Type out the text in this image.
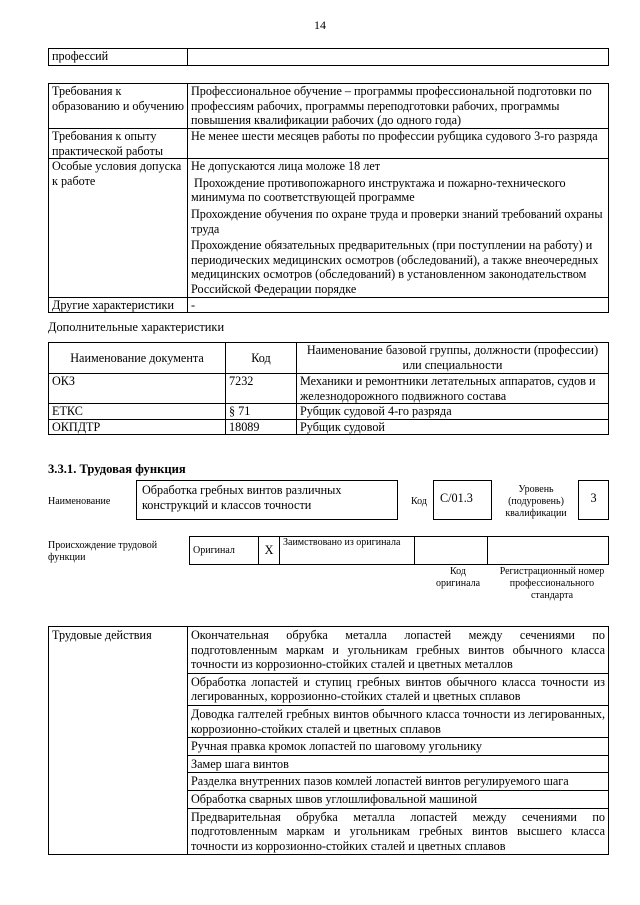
14
профессий	
Требования к образованию и обучению	Профессиональное обучение – программы профессиональной подготовки по профессиям рабочих, программы переподготовки рабочих, программы повышения квалификации рабочих (до одного года)

Требования к опыту практической работы	Не менее шести месяцев работы по профессии рубщика судового 3-го разряда

Особые условия допуска к работе	Не допускаются лица моложе 18 лет
Прохождение противопожарного инструктажа и пожарно-технического минимума по соответствующей программе
Прохождение обучения по охране труда и проверки знаний требований охраны труда
Прохождение обязательных предварительных (при поступлении на работу) и периодических медицинских осмотров (обследований), а также внеочередных медицинских осмотров (обследований) в установленном законодательством Российской Федерации порядке

Другие характеристики	-
Дополнительные характеристики
Наименование документа	Код	Наименование базовой группы, должности (профессии) или специальности
ОКЗ	7232	Механики и ремонтники летательных аппаратов, судов и железнодорожного подвижного состава
ЕТКС	§ 71	Рубщик судовой 4-го разряда
ОКПДТР	18089	Рубщик судовой
3.3.1. Трудовая функция
Наименование
Обработка гребных винтов различных конструкций и классов точности	Код	С/01.3
Уровень (подуровень) квалификации
3
Происхождение трудовой функции
Оригинал	Х	Заимствовано из оригинала		
Код оригинала
Регистрационный номер профессионального стандарта
Трудовые действия	Окончательная обрубка металла лопастей между сечениями по подготовленным маркам и угольникам гребных винтов обычного класса точности из коррозионно-стойких сталей и цветных металлов
Обработка лопастей и ступиц гребных винтов обычного класса точности из легированных, коррозионно-стойких сталей и цветных сплавов
Доводка галтелей гребных винтов обычного класса точности из легированных, коррозионно-стойких сталей и цветных сплавов
Ручная правка кромок лопастей по шаговому угольнику
Замер шага винтов
Разделка внутренних пазов комлей лопастей винтов регулируемого шага
Обработка сварных швов углошлифовальной машиной
Предварительная обрубка металла лопастей между сечениями по подготовленным маркам и угольникам гребных винтов высшего класса точности из коррозионно-стойких сталей и цветных сплавов
